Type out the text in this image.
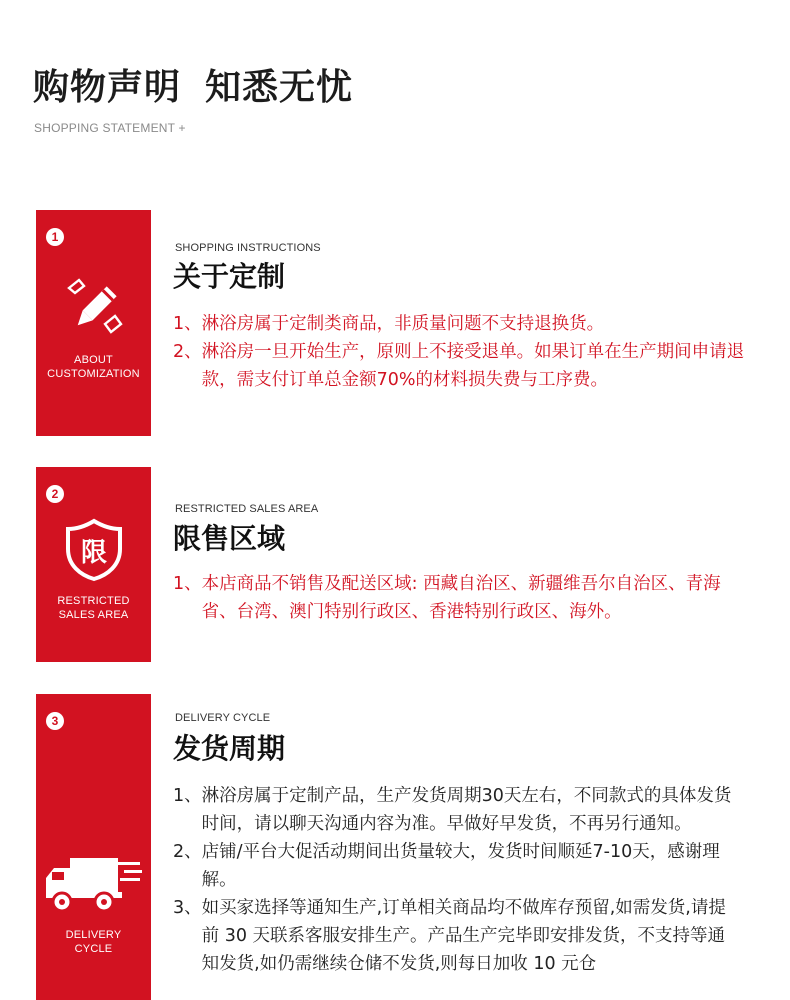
购物声明 知悉无忧
SHOPPING STATEMENT +
1
ABOUT
CUSTOMIZATION
SHOPPING INSTRUCTIONS
关于定制
1、 淋浴房属于定制类商品，非质量问题不支持退换货。
2、 淋浴房一旦开始生产，原则上不接受退单。如果订单在生产期间申请退款，需支付订单总金额70%的材料损失费与工序费。
2
限
RESTRICTED
SALES AREA
RESTRICTED SALES AREA
限售区域
1、 本店商品不销售及配送区域: 西藏自治区、新疆维吾尔自治区、青海省、台湾、澳门特别行政区、香港特别行政区、海外。
3
DELIVERY
CYCLE
DELIVERY CYCLE
发货周期
1、 淋浴房属于定制产品，生产发货周期30天左右，不同款式的具体发货时间，请以聊天沟通内容为准。早做好早发货，不再另行通知。
2、 店铺/平台大促活动期间出货量较大，发货时间顺延7-10天，感谢理解。
3、 如买家选择等通知生产,订单相关商品均不做库存预留,如需发货,请提前 30 天联系客服安排生产。产品生产完毕即安排发货，不支持等通知发货,如仍需继续仓储不发货,则每日加收 10 元仓
